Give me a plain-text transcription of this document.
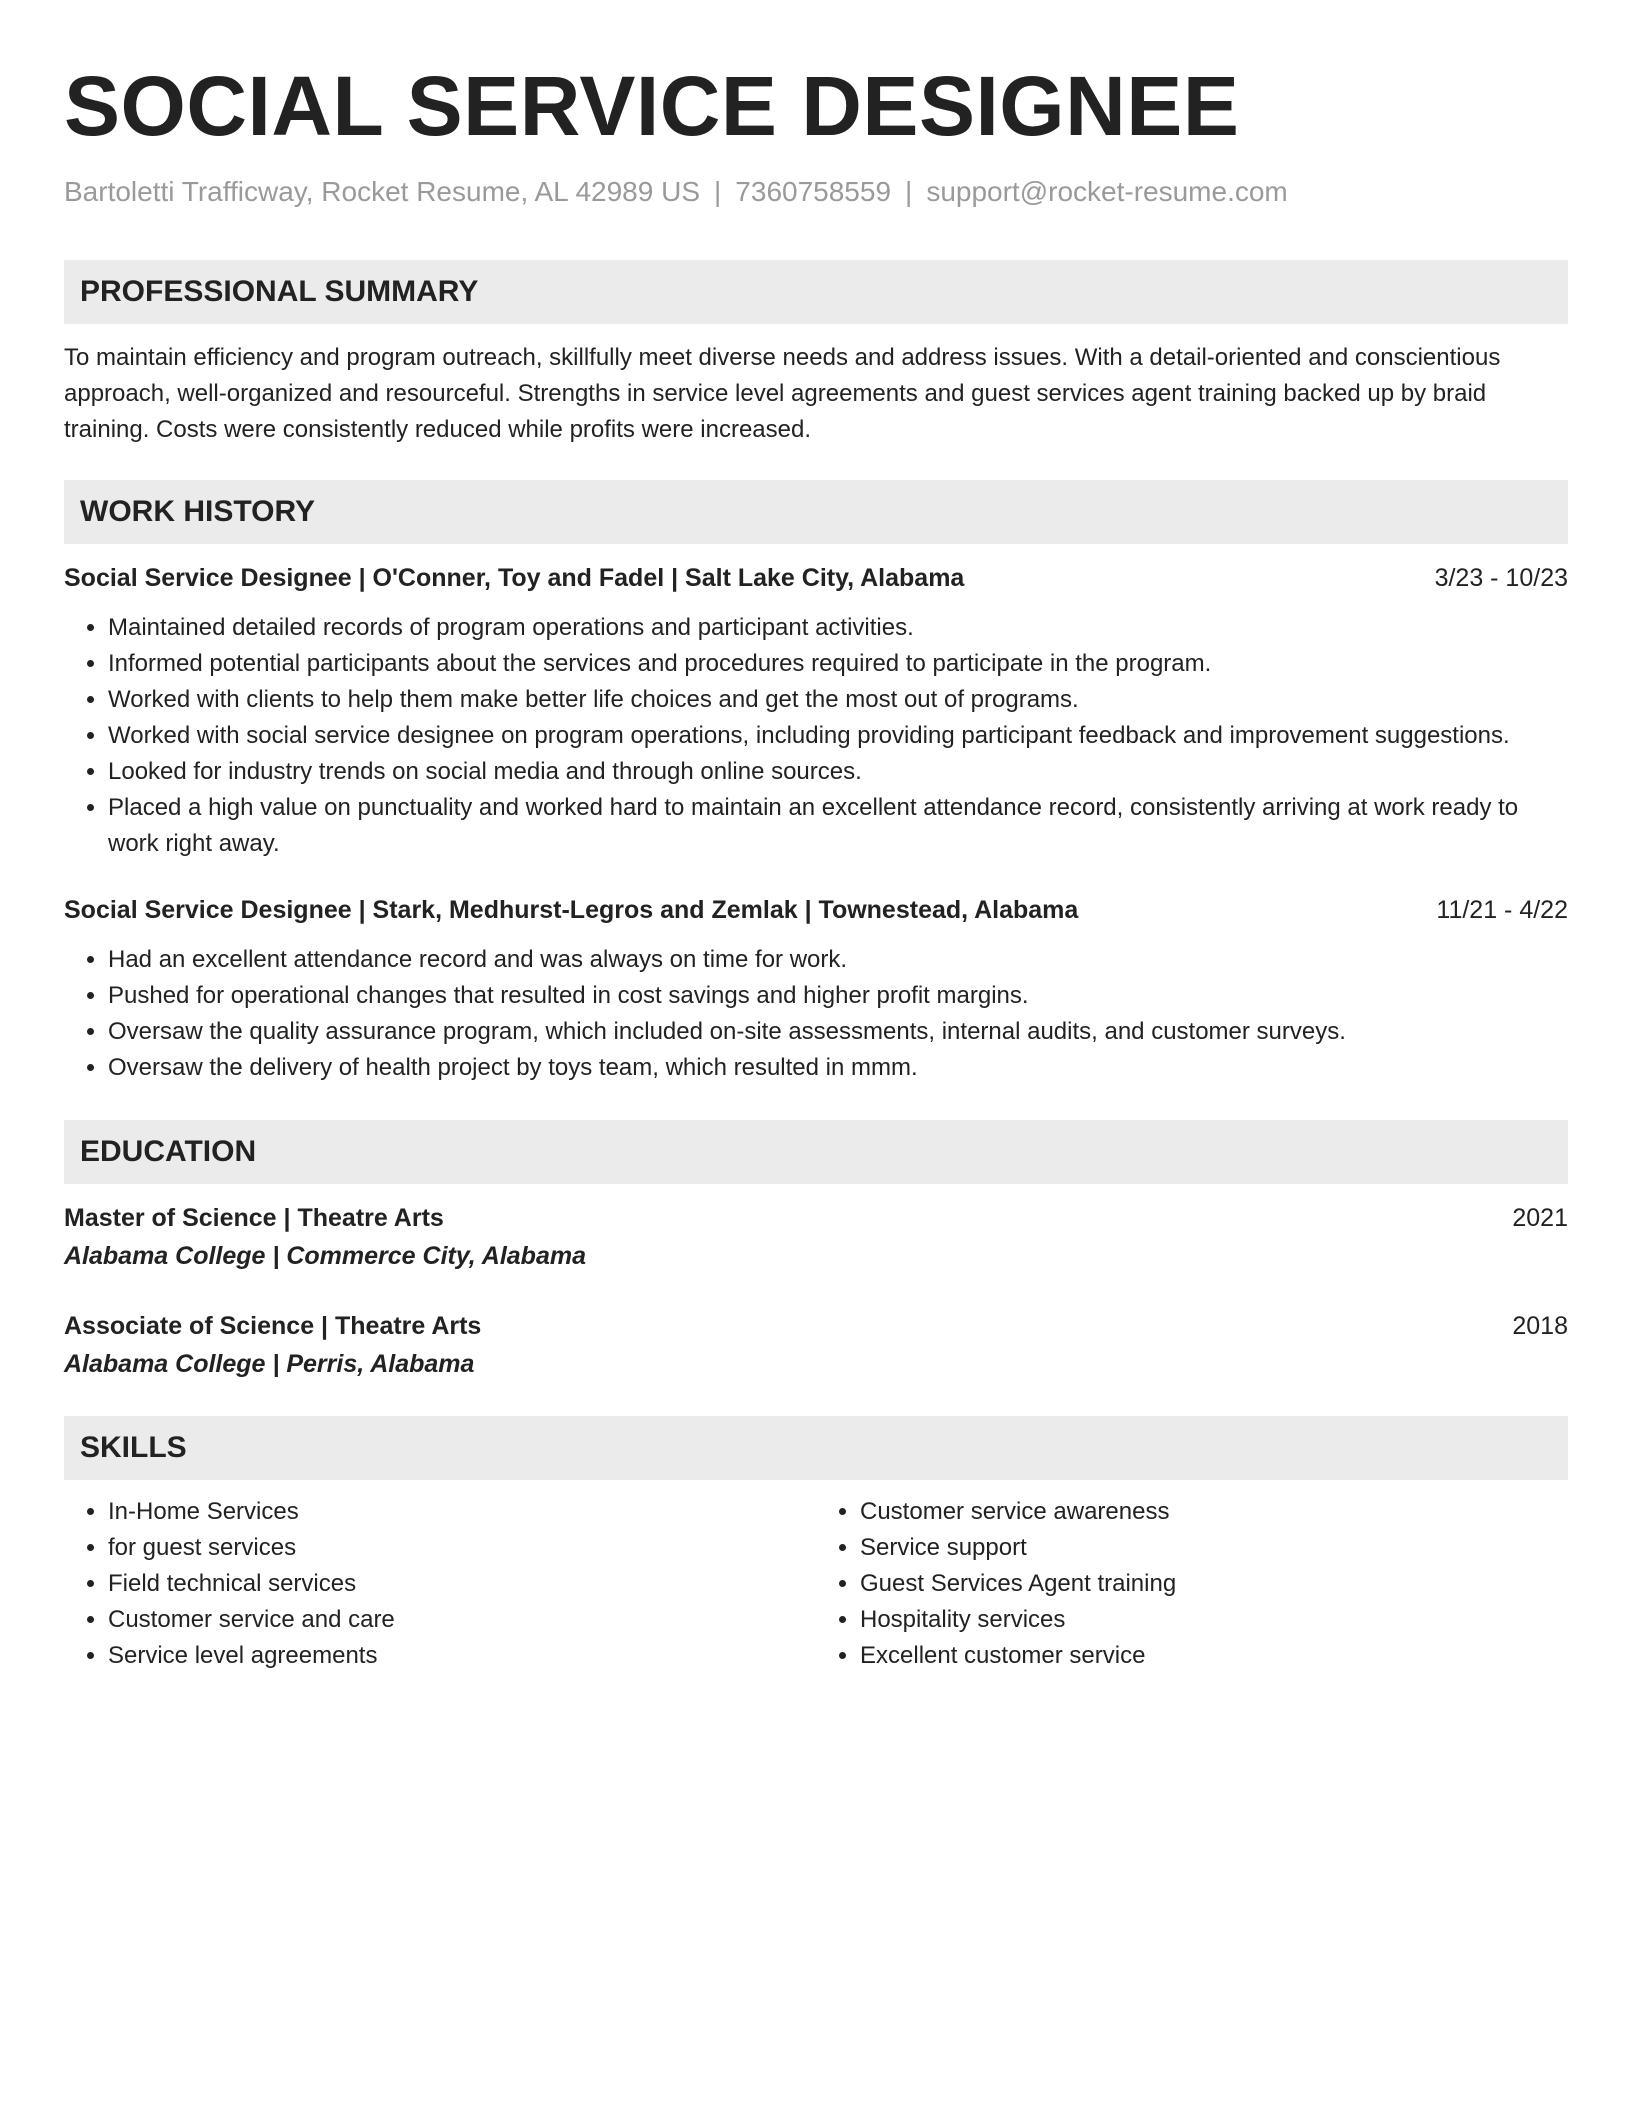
SOCIAL SERVICE DESIGNEE
Bartoletti Trafficway, Rocket Resume, AL 42989 US | 7360758559 | support@rocket-resume.com
PROFESSIONAL SUMMARY
To maintain efficiency and program outreach, skillfully meet diverse needs and address issues. With a detail-oriented and conscientious approach, well-organized and resourceful. Strengths in service level agreements and guest services agent training backed up by braid training. Costs were consistently reduced while profits were increased.
WORK HISTORY
Social Service Designee | O'Conner, Toy and Fadel | Salt Lake City, Alabama	3/23 - 10/23
• Maintained detailed records of program operations and participant activities.
• Informed potential participants about the services and procedures required to participate in the program.
• Worked with clients to help them make better life choices and get the most out of programs.
• Worked with social service designee on program operations, including providing participant feedback and improvement suggestions.
• Looked for industry trends on social media and through online sources.
• Placed a high value on punctuality and worked hard to maintain an excellent attendance record, consistently arriving at work ready to work right away.
Social Service Designee | Stark, Medhurst-Legros and Zemlak | Townestead, Alabama	11/21 - 4/22
• Had an excellent attendance record and was always on time for work.
• Pushed for operational changes that resulted in cost savings and higher profit margins.
• Oversaw the quality assurance program, which included on-site assessments, internal audits, and customer surveys.
• Oversaw the delivery of health project by toys team, which resulted in mmm.
EDUCATION
Master of Science | Theatre Arts	2021
Alabama College | Commerce City, Alabama
Associate of Science | Theatre Arts	2018
Alabama College | Perris, Alabama
SKILLS
• In-Home Services
• for guest services
• Field technical services
• Customer service and care
• Service level agreements
• Customer service awareness
• Service support
• Guest Services Agent training
• Hospitality services
• Excellent customer service
